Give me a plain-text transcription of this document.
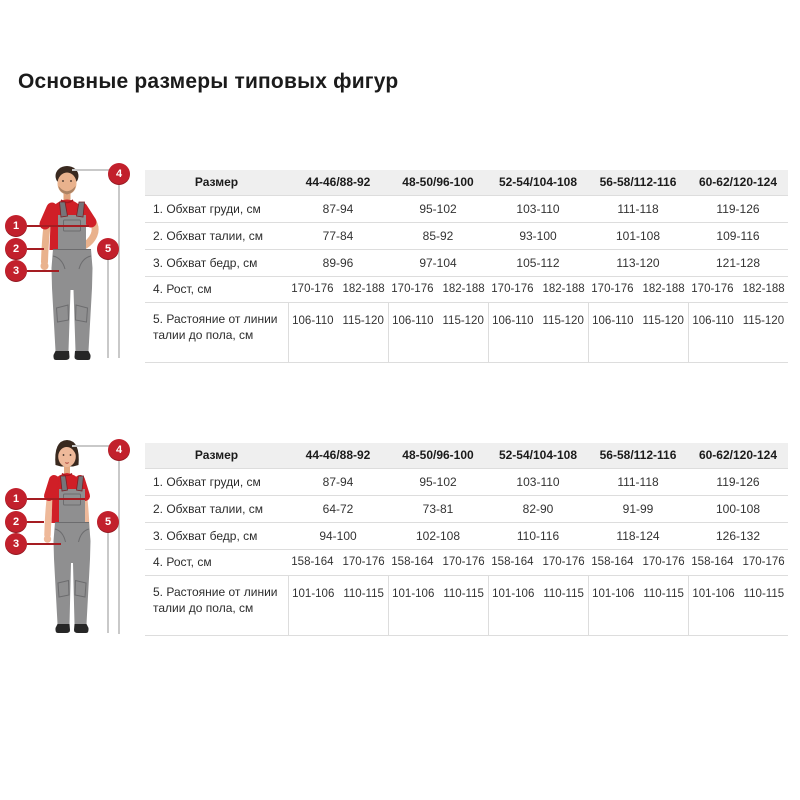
Основные размеры типовых фигур
1
2
3
4
5
Размер	44-46/88-92	48-50/96-100	52-54/104-108	56-58/112-116	60-62/120-124
1. Обхват груди, см	87-94	95-102	103-110	111-118	119-126
2. Обхват талии, см	77-84	85-92	93-100	101-108	109-116
3. Обхват бедр, см	89-96	97-104	105-112	113-120	121-128
4. Рост, см	170-176 182-188	170-176 182-188	170-176 182-188	170-176 182-188	170-176 182-188

5. Растояние от линии талии до пола, см	106-110 115-120	106-110 115-120	106-110 115-120	106-110 115-120	106-110 115-120
1
2
3
4
5
Размер	44-46/88-92	48-50/96-100	52-54/104-108	56-58/112-116	60-62/120-124
1. Обхват груди, см	87-94	95-102	103-110	111-118	119-126
2. Обхват талии, см	64-72	73-81	82-90	91-99	100-108
3. Обхват бедр, см	94-100	102-108	110-116	118-124	126-132
4. Рост, см	158-164 170-176	158-164 170-176	158-164 170-176	158-164 170-176	158-164 170-176

5. Растояние от линии талии до пола, см	101-106 110-115	101-106 110-115	101-106 110-115	101-106 110-115	101-106 110-115
